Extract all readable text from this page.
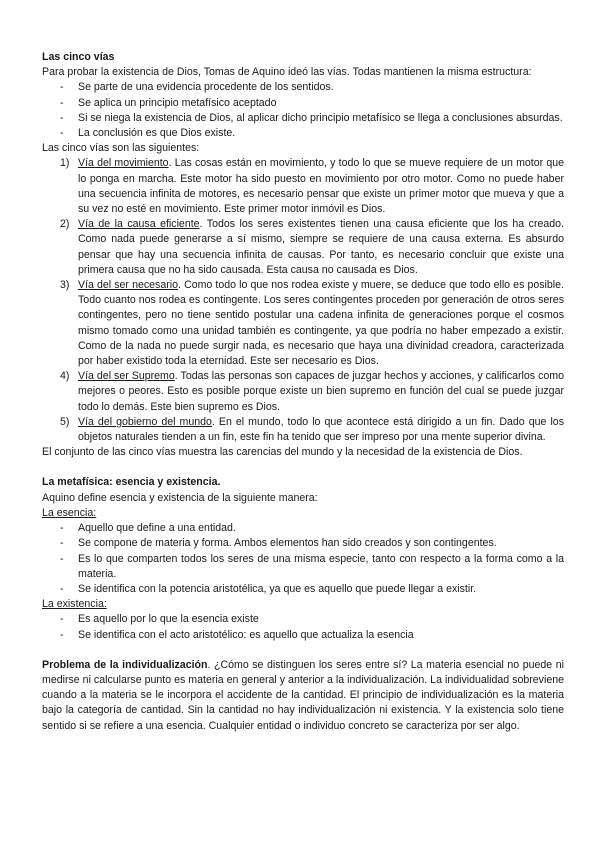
Las cinco vías

Para probar la existencia de Dios, Tomas de Aquino ideó las vías. Todas mantienen la misma estructura:

- Se parte de una evidencia procedente de los sentidos.
- Se aplica un principio metafísico aceptado
- Si se niega la existencia de Dios, al aplicar dicho principio metafísico se llega a conclusiones absurdas.
- La conclusión es que Dios existe.

Las cinco vías son las siguientes:

1) Vía del movimiento. Las cosas están en movimiento, y todo lo que se mueve requiere de un motor que lo ponga en marcha. Este motor ha sido puesto en movimiento por otro motor. Como no puede haber una secuencia infinita de motores, es necesario pensar que existe un primer motor que mueva y que a su vez no esté en movimiento. Este primer motor inmóvil es Dios.
2) Vía de la causa eficiente. Todos los seres existentes tienen una causa eficiente que los ha creado. Como nada puede generarse a sí mismo, siempre se requiere de una causa externa. Es absurdo pensar que hay una secuencia infinita de causas. Por tanto, es necesario concluir que existe una primera causa que no ha sido causada. Esta causa no causada es Dios.
3) Vía del ser necesario. Como todo lo que nos rodea existe y muere, se deduce que todo ello es posible. Todo cuanto nos rodea es contingente. Los seres contingentes proceden por generación de otros seres contingentes, pero no tiene sentido postular una cadena infinita de generaciones porque el cosmos mismo tomado como una unidad también es contingente, ya que podría no haber empezado a existir. Como de la nada no puede surgir nada, es necesario que haya una divinidad creadora, caracterizada por haber existido toda la eternidad. Este ser necesario es Dios.
4) Vía del ser Supremo. Todas las personas son capaces de juzgar hechos y acciones, y calificarlos como mejores o peores. Esto es posible porque existe un bien supremo en función del cual se puede juzgar todo lo demás. Este bien supremo es Dios.
5) Vía del gobierno del mundo. En el mundo, todo lo que acontece está dirigido a un fin. Dado que los objetos naturales tienden a un fin, este fin ha tenido que ser impreso por una mente superior divina.

El conjunto de las cinco vías muestra las carencias del mundo y la necesidad de la existencia de Dios.

La metafísica: esencia y existencia.

Aquino define esencia y existencia de la siguiente manera:

La esencia:

- Aquello que define a una entidad.
- Se compone de materia y forma. Ambos elementos han sido creados y son contingentes.
- Es lo que comparten todos los seres de una misma especie, tanto con respecto a la forma como a la materia.
- Se identifica con la potencia aristotélica, ya que es aquello que puede llegar a existir.

La existencia:

- Es aquello por lo que la esencia existe
- Se identifica con el acto aristotélico: es aquello que actualiza la esencia

Problema de la individualización. ¿Cómo se distinguen los seres entre sí? La materia esencial no puede ni medirse ni calcularse punto es materia en general y anterior a la individualización. La individualidad sobreviene cuando a la materia se le incorpora el accidente de la cantidad. El principio de individualización es la materia bajo la categoría de cantidad. Sin la cantidad no hay individualización ni existencia. Y la existencia solo tiene sentido si se refiere a una esencia. Cualquier entidad o individuo concreto se caracteriza por ser algo.
